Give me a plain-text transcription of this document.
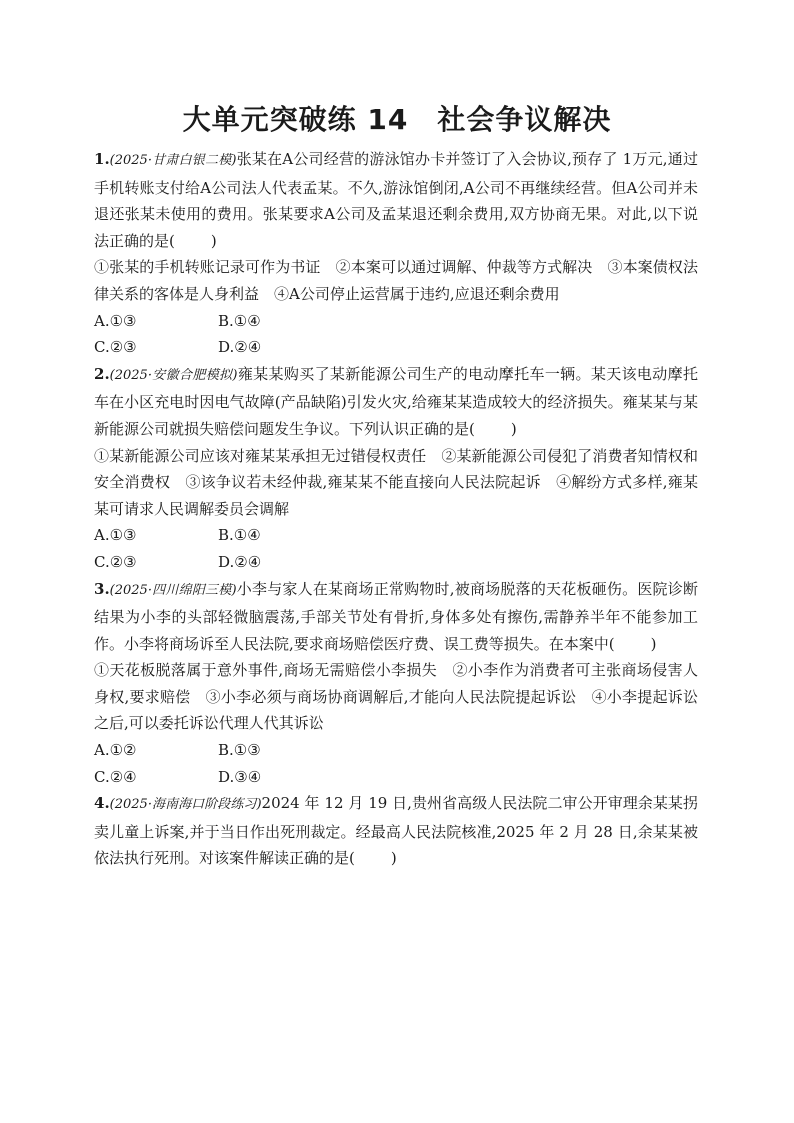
大单元突破练 14　社会争议解决
1.(2025·甘肃白银二模)张某在A公司经营的游泳馆办卡并签订了入会协议,预存了 1万元,通过手机转账支付给A公司法人代表孟某。不久,游泳馆倒闭,A公司不再继续经营。但A公司并未退还张某未使用的费用。张某要求A公司及孟某退还剩余费用,双方协商无果。对此,以下说法正确的是( )
①张某的手机转账记录可作为书证　②本案可以通过调解、仲裁等方式解决　③本案债权法律关系的客体是人身利益　④A公司停止运营属于违约,应退还剩余费用
A.①③	B.①④
C.②③	D.②④
2.(2025·安徽合肥模拟)雍某某购买了某新能源公司生产的电动摩托车一辆。某天该电动摩托车在小区充电时因电气故障(产品缺陷)引发火灾,给雍某某造成较大的经济损失。雍某某与某新能源公司就损失赔偿问题发生争议。下列认识正确的是( )
①某新能源公司应该对雍某某承担无过错侵权责任　②某新能源公司侵犯了消费者知情权和安全消费权　③该争议若未经仲裁,雍某某不能直接向人民法院起诉　④解纷方式多样,雍某某可请求人民调解委员会调解
A.①③	B.①④
C.②③	D.②④
3.(2025·四川绵阳三模)小李与家人在某商场正常购物时,被商场脱落的天花板砸伤。医院诊断结果为小李的头部轻微脑震荡,手部关节处有骨折,身体多处有擦伤,需静养半年不能参加工作。小李将商场诉至人民法院,要求商场赔偿医疗费、误工费等损失。在本案中( )
①天花板脱落属于意外事件,商场无需赔偿小李损失　②小李作为消费者可主张商场侵害人身权,要求赔偿　③小李必须与商场协商调解后,才能向人民法院提起诉讼　④小李提起诉讼之后,可以委托诉讼代理人代其诉讼
A.①②	B.①③
C.②④	D.③④
4.(2025·海南海口阶段练习)2024 年 12 月 19 日,贵州省高级人民法院二审公开审理余某某拐卖儿童上诉案,并于当日作出死刑裁定。经最高人民法院核准,2025 年 2 月 28 日,余某某被依法执行死刑。对该案件解读正确的是( )
